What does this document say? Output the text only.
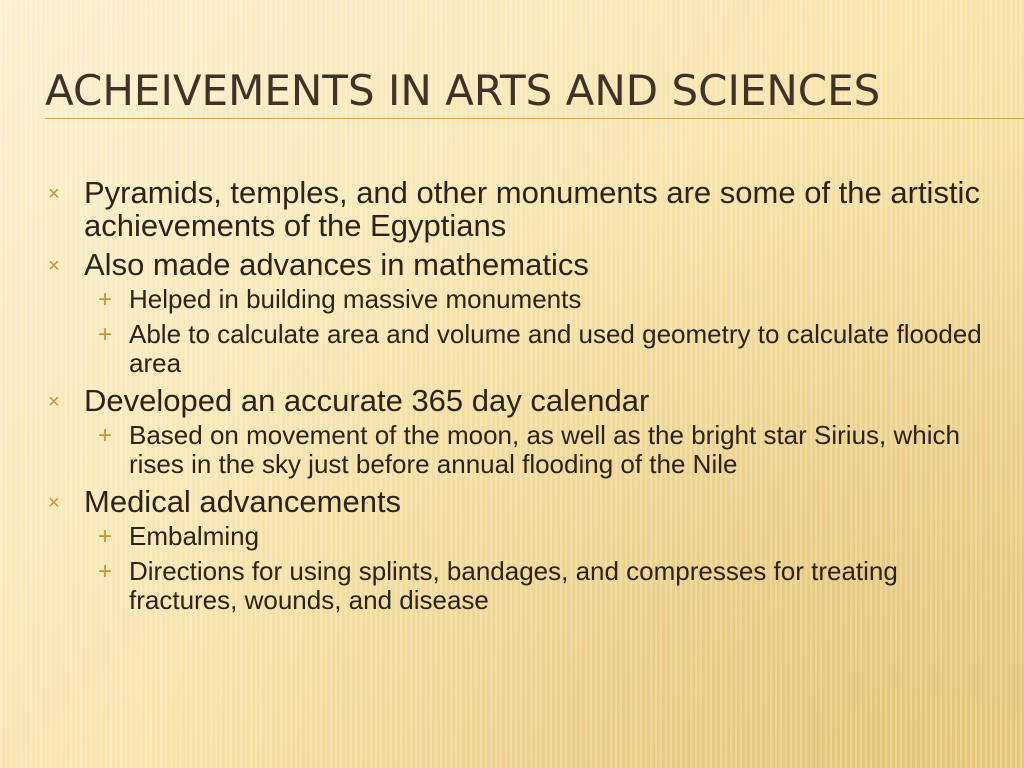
ACHEIVEMENTS IN ARTS AND SCIENCES
× Pyramids, temples, and other monuments are some of the artistic achievements of the Egyptians
× Also made advances in mathematics
+ Helped in building massive monuments
+ Able to calculate area and volume and used geometry to calculate flooded area
× Developed an accurate 365 day calendar
+ Based on movement of the moon, as well as the bright star Sirius, which rises in the sky just before annual flooding of the Nile
× Medical advancements
+ Embalming
+ Directions for using splints, bandages, and compresses for treating fractures, wounds, and disease
